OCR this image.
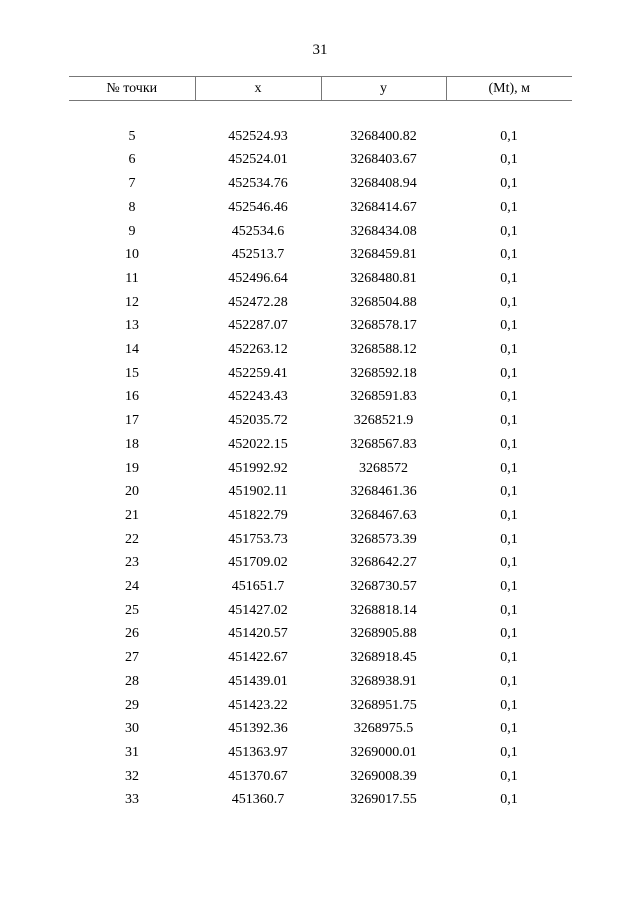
31
№ точки	x	y	(Mt), м

5	452524.93	3268400.82	0,1
6	452524.01	3268403.67	0,1
7	452534.76	3268408.94	0,1
8	452546.46	3268414.67	0,1
9	452534.6	3268434.08	0,1
10	452513.7	3268459.81	0,1
11	452496.64	3268480.81	0,1
12	452472.28	3268504.88	0,1
13	452287.07	3268578.17	0,1
14	452263.12	3268588.12	0,1
15	452259.41	3268592.18	0,1
16	452243.43	3268591.83	0,1
17	452035.72	3268521.9	0,1
18	452022.15	3268567.83	0,1
19	451992.92	3268572	0,1
20	451902.11	3268461.36	0,1
21	451822.79	3268467.63	0,1
22	451753.73	3268573.39	0,1
23	451709.02	3268642.27	0,1
24	451651.7	3268730.57	0,1
25	451427.02	3268818.14	0,1
26	451420.57	3268905.88	0,1
27	451422.67	3268918.45	0,1
28	451439.01	3268938.91	0,1
29	451423.22	3268951.75	0,1
30	451392.36	3268975.5	0,1
31	451363.97	3269000.01	0,1
32	451370.67	3269008.39	0,1
33	451360.7	3269017.55	0,1
